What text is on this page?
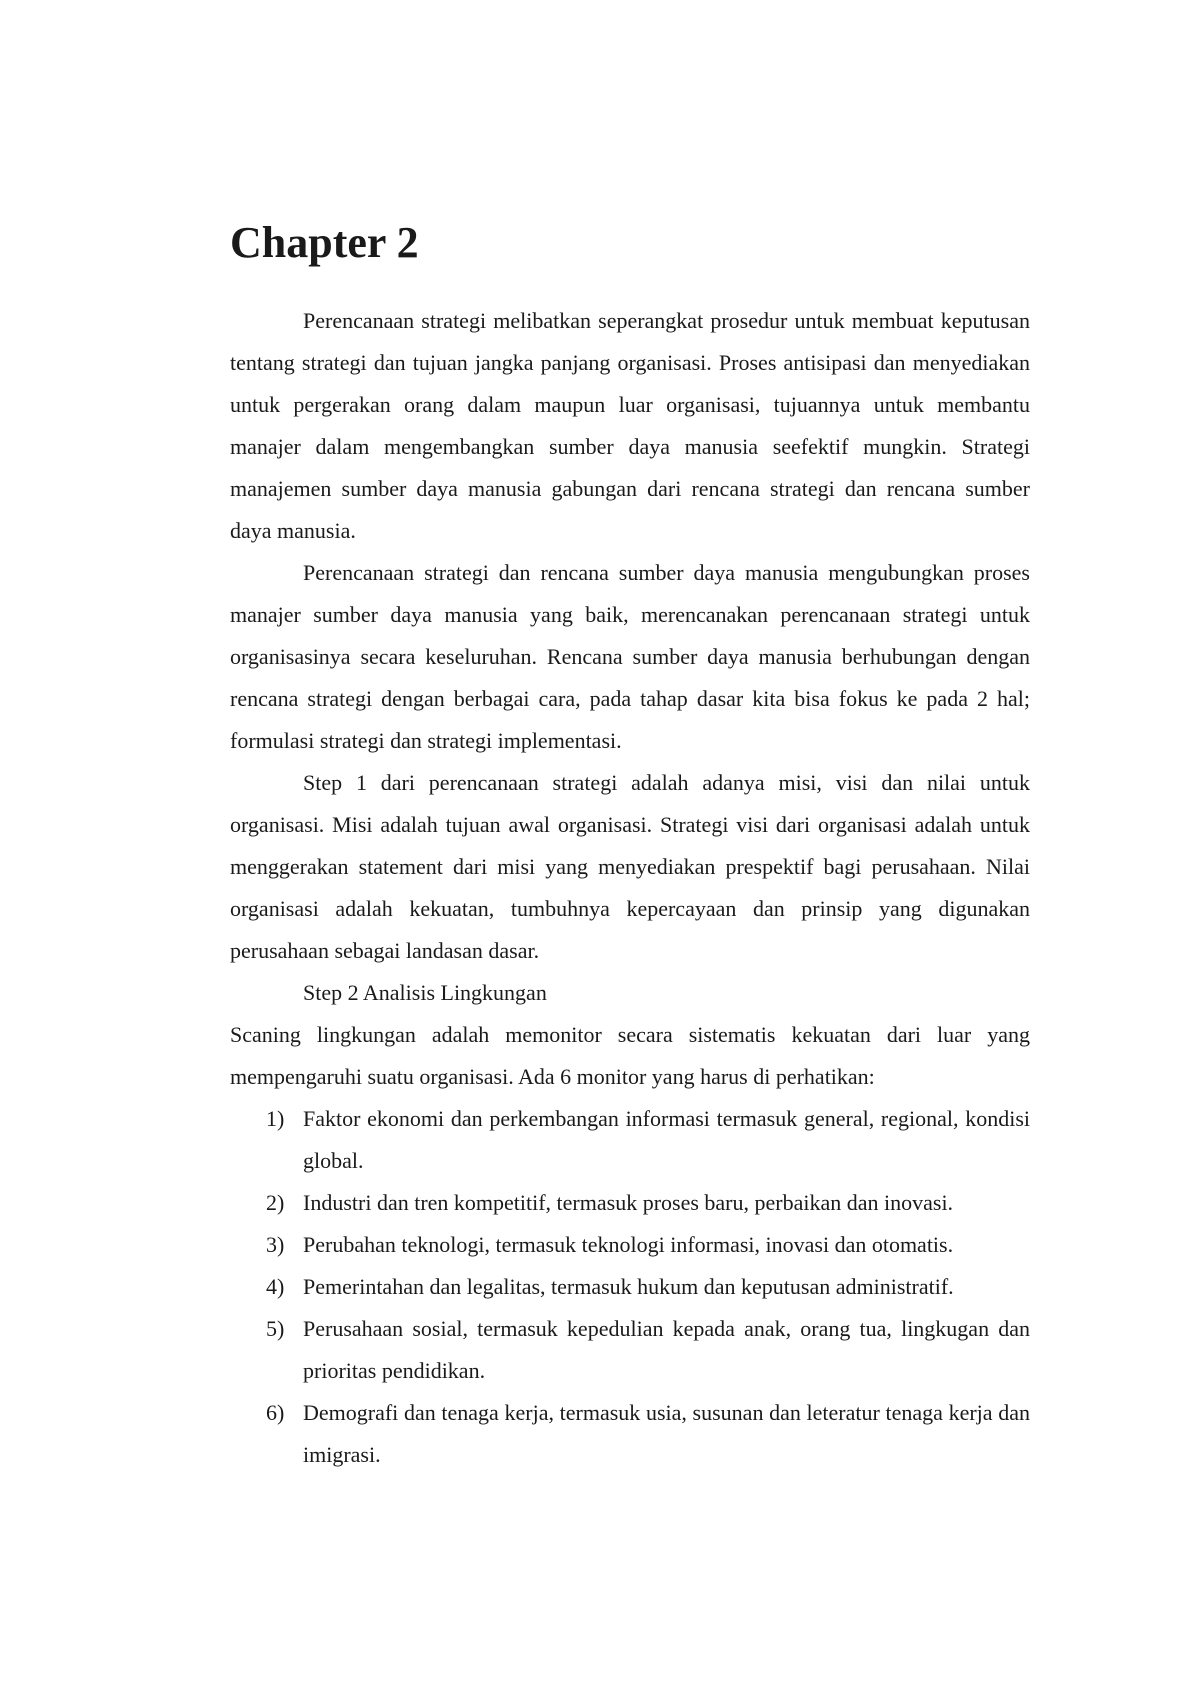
Chapter 2

Perencanaan strategi melibatkan seperangkat prosedur untuk membuat keputusan tentang strategi dan tujuan jangka panjang organisasi. Proses antisipasi dan menyediakan untuk pergerakan orang dalam maupun luar organisasi, tujuannya untuk membantu manajer dalam mengembangkan sumber daya manusia seefektif mungkin. Strategi manajemen sumber daya manusia gabungan dari rencana strategi dan rencana sumber daya manusia.

Perencanaan strategi dan rencana sumber daya manusia mengubungkan proses manajer sumber daya manusia yang baik, merencanakan perencanaan strategi untuk organisasinya secara keseluruhan. Rencana sumber daya manusia berhubungan dengan rencana strategi dengan berbagai cara, pada tahap dasar kita bisa fokus ke pada 2 hal; formulasi strategi dan strategi implementasi.

Step 1 dari perencanaan strategi adalah adanya misi, visi dan nilai untuk organisasi. Misi adalah tujuan awal organisasi. Strategi visi dari organisasi adalah untuk menggerakan statement dari misi yang menyediakan prespektif bagi perusahaan. Nilai organisasi adalah kekuatan, tumbuhnya kepercayaan dan prinsip yang digunakan perusahaan sebagai landasan dasar.

Step 2 Analisis Lingkungan

Scaning lingkungan adalah memonitor secara sistematis kekuatan dari luar yang mempengaruhi suatu organisasi. Ada 6 monitor yang harus di perhatikan:

1) Faktor ekonomi dan perkembangan informasi termasuk general, regional, kondisi global.
2) Industri dan tren kompetitif, termasuk proses baru, perbaikan dan inovasi.
3) Perubahan teknologi, termasuk teknologi informasi, inovasi dan otomatis.
4) Pemerintahan dan legalitas, termasuk hukum dan keputusan administratif.
5) Perusahaan sosial, termasuk kepedulian kepada anak, orang tua, lingkugan dan prioritas pendidikan.
6) Demografi dan tenaga kerja, termasuk usia, susunan dan leteratur tenaga kerja dan imigrasi.
